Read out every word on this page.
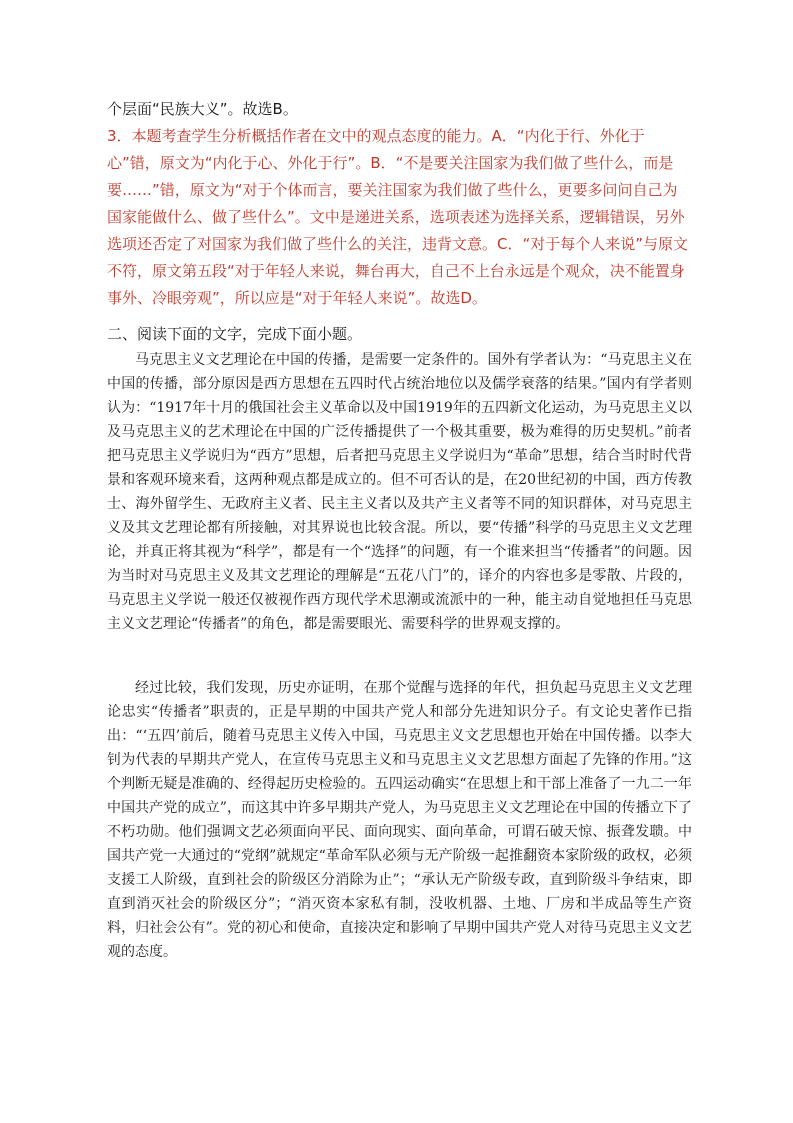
个层面“民族大义”。故选B。
3．本题考查学生分析概括作者在文中的观点态度的能力。A．“内化于行、外化于心”错，原文为“内化于心、外化于行”。B．“不是要关注国家为我们做了些什么，而是要……”错，原文为“对于个体而言，要关注国家为我们做了些什么，更要多问问自己为国家能做什么、做了些什么”。文中是递进关系，选项表述为选择关系，逻辑错误，另外选项还否定了对国家为我们做了些什么的关注，违背文意。C．“对于每个人来说”与原文不符，原文第五段“对于年轻人来说，舞台再大，自己不上台永远是个观众，决不能置身事外、冷眼旁观”，所以应是“对于年轻人来说”。故选D。
二、阅读下面的文字，完成下面小题。

马克思主义文艺理论在中国的传播，是需要一定条件的。国外有学者认为：“马克思主义在中国的传播，部分原因是西方思想在五四时代占统治地位以及儒学衰落的结果。”国内有学者则认为：“1917年十月的俄国社会主义革命以及中国1919年的五四新文化运动，为马克思主义以及马克思主义的艺术理论在中国的广泛传播提供了一个极其重要，极为难得的历史契机。”前者把马克思主义学说归为“西方”思想，后者把马克思主义学说归为“革命”思想，结合当时时代背景和客观环境来看，这两种观点都是成立的。但不可否认的是，在20世纪初的中国，西方传教士、海外留学生、无政府主义者、民主主义者以及共产主义者等不同的知识群体，对马克思主义及其文艺理论都有所接触，对其界说也比较含混。所以，要“传播”科学的马克思主义文艺理论，并真正将其视为“科学”，都是有一个“选择”的问题，有一个谁来担当“传播者”的问题。因为当时对马克思主义及其文艺理论的理解是“五花八门”的，译介的内容也多是零散、片段的，马克思主义学说一般还仅被视作西方现代学术思潮或流派中的一种，能主动自觉地担任马克思主义文艺理论“传播者”的角色，都是需要眼光、需要科学的世界观支撑的。

经过比较，我们发现，历史亦证明，在那个觉醒与选择的年代，担负起马克思主义文艺理论忠实“传播者”职责的，正是早期的中国共产党人和部分先进知识分子。有文论史著作已指出：“‘五四’前后，随着马克思主义传入中国，马克思主义文艺思想也开始在中国传播。以李大钊为代表的早期共产党人，在宣传马克思主义和马克思主义文艺思想方面起了先锋的作用。”这个判断无疑是准确的、经得起历史检验的。五四运动确实“在思想上和干部上准备了一九二一年中国共产党的成立”，而这其中许多早期共产党人，为马克思主义文艺理论在中国的传播立下了不朽功勋。他们强调文艺必须面向平民、面向现实、面向革命，可谓石破天惊、振聋发聩。中国共产党一大通过的“党纲”就规定“革命军队必须与无产阶级一起推翻资本家阶级的政权，必须支援工人阶级，直到社会的阶级区分消除为止”；“承认无产阶级专政，直到阶级斗争结束，即直到消灭社会的阶级区分”；“消灭资本家私有制，没收机器、土地、厂房和半成品等生产资料，归社会公有”。党的初心和使命，直接决定和影响了早期中国共产党人对待马克思主义文艺观的态度。
